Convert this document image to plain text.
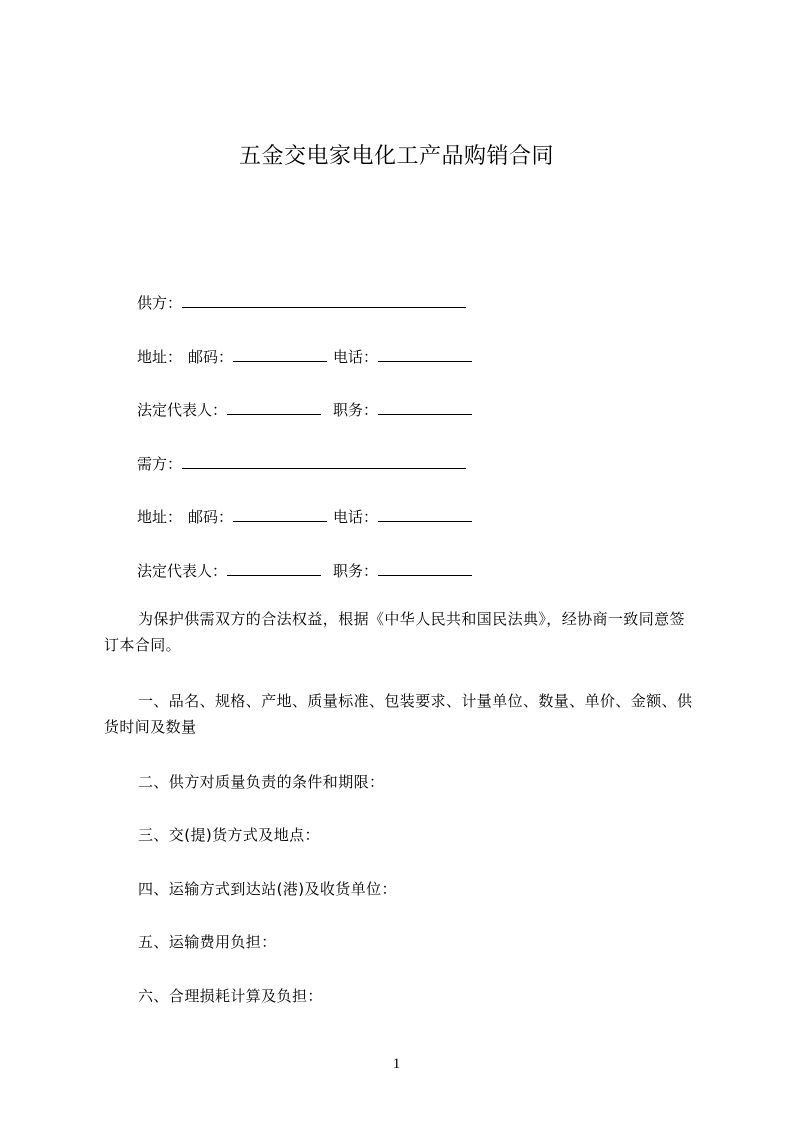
五金交电家电化工产品购销合同
供方：
地址： 邮码：	电话：
法定代表人：	职务：
需方：
地址： 邮码：	电话：
法定代表人：	职务：
为保护供需双方的合法权益，根据《中华人民共和国民法典》，经协商一致同意签订本合同。
一、品名、规格、产地、质量标准、包装要求、计量单位、数量、单价、金额、供货时间及数量
二、供方对质量负责的条件和期限：
三、交(提)货方式及地点：
四、运输方式到达站(港)及收货单位：
五、运输费用负担：
六、合理损耗计算及负担：
1
